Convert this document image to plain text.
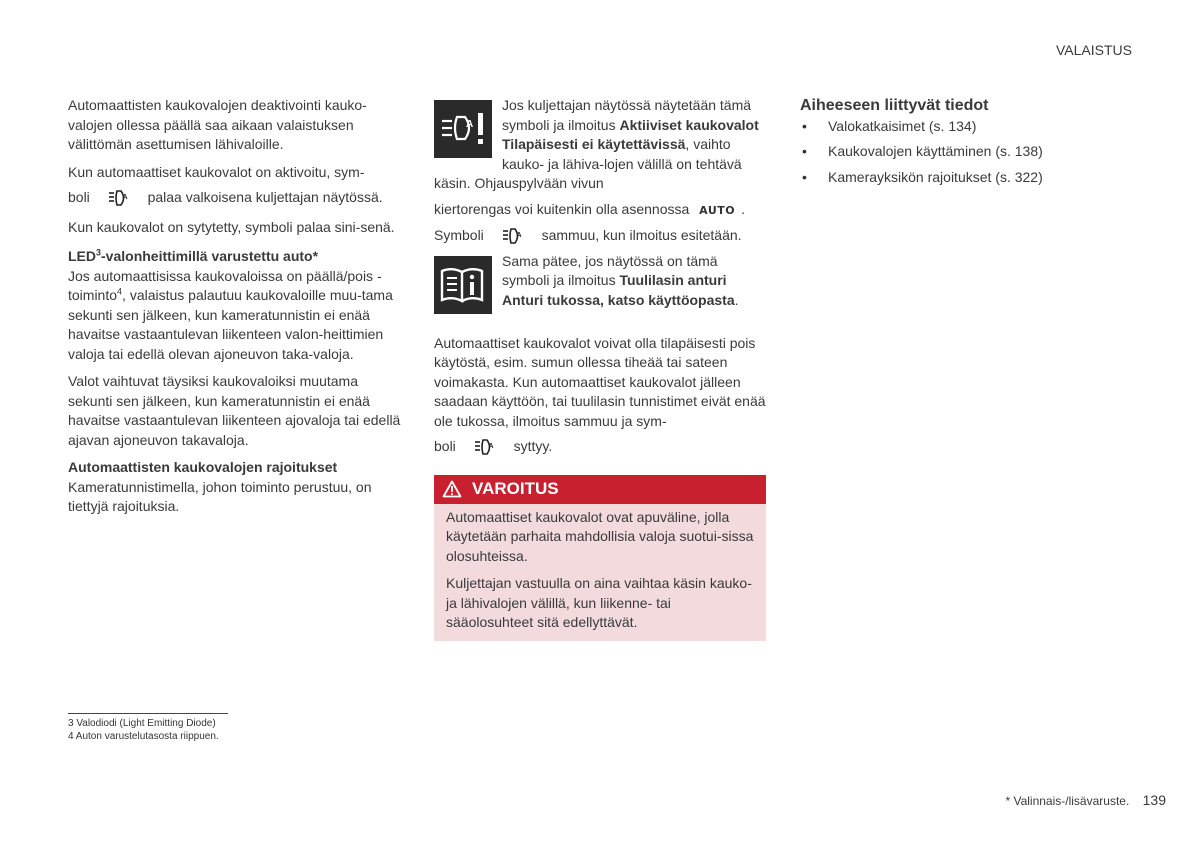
VALAISTUS

Automaattisten kaukovalojen deaktivointi kauko-valojen ollessa päällä saa aikaan valaistuksen välittömän asettumisen lähivaloille.

Kun automaattiset kaukovalot on aktivoitu, sym-
boli	A palaa valkoisena kuljettajan näytössä.

Kun kaukovalot on sytytetty, symboli palaa sini-senä.

LED$^3$-valonheittimillä varustettu auto*

Jos automaattisissa kaukovaloissa on päällä/pois -toiminto$^4$, valaistus palautuu kaukovaloille muu-tama sekunti sen jälkeen, kun kameratunnistin ei enää havaitse vastaantulevan liikenteen valon-heittimien valoja tai edellä olevan ajoneuvon taka-valoja.

Valot vaihtuvat täysiksi kaukovaloiksi muutama sekunti sen jälkeen, kun kameratunnistin ei enää havaitse vastaantulevan liikenteen ajovaloja tai edellä ajavan ajoneuvon takavaloja.

Automaattisten kaukovalojen rajoitukset

Kameratunnistimella, johon toiminto perustuu, on tiettyjä rajoituksia.

A
Jos kuljettajan näytössä näytetään tämä symboli ja ilmoitus Aktiiviset kaukovalot Tilapäisesti ei käytettävissä, vaihto kauko- ja lähiva-lojen välillä on tehtävä käsin. Ohjauspylvään vivun
kiertorengas voi kuitenkin olla asennossa AUTO .
Symboli	A sammuu, kun ilmoitus esitetään.
Sama pätee, jos näytössä on tämä symboli ja ilmoitus Tuulilasin anturi Anturi tukossa, katso käyttöopasta.

Automaattiset kaukovalot voivat olla tilapäisesti pois käytöstä, esim. sumun ollessa tiheää tai sateen voimakasta. Kun automaattiset kaukovalot jälleen saadaan käyttöön, tai tuulilasin tunnistimet eivät enää ole tukossa, ilmoitus sammuu ja sym-
boli	A syttyy.

VAROITUS

Automaattiset kaukovalot ovat apuväline, jolla käytetään parhaita mahdollisia valoja suotui-sissa olosuhteissa.

Kuljettajan vastuulla on aina vaihtaa käsin kauko- ja lähivalojen välillä, kun liikenne- tai sääolosuhteet sitä edellyttävät.

Aiheeseen liittyvät tiedot
• Valokatkaisimet (s. 134)
• Kaukovalojen käyttäminen (s. 138)
• Kamerayksikön rajoitukset (s. 322)
3 Valodiodi (Light Emitting Diode)
4 Auton varustelutasosta riippuen.
* Valinnais-/lisävaruste. 139
